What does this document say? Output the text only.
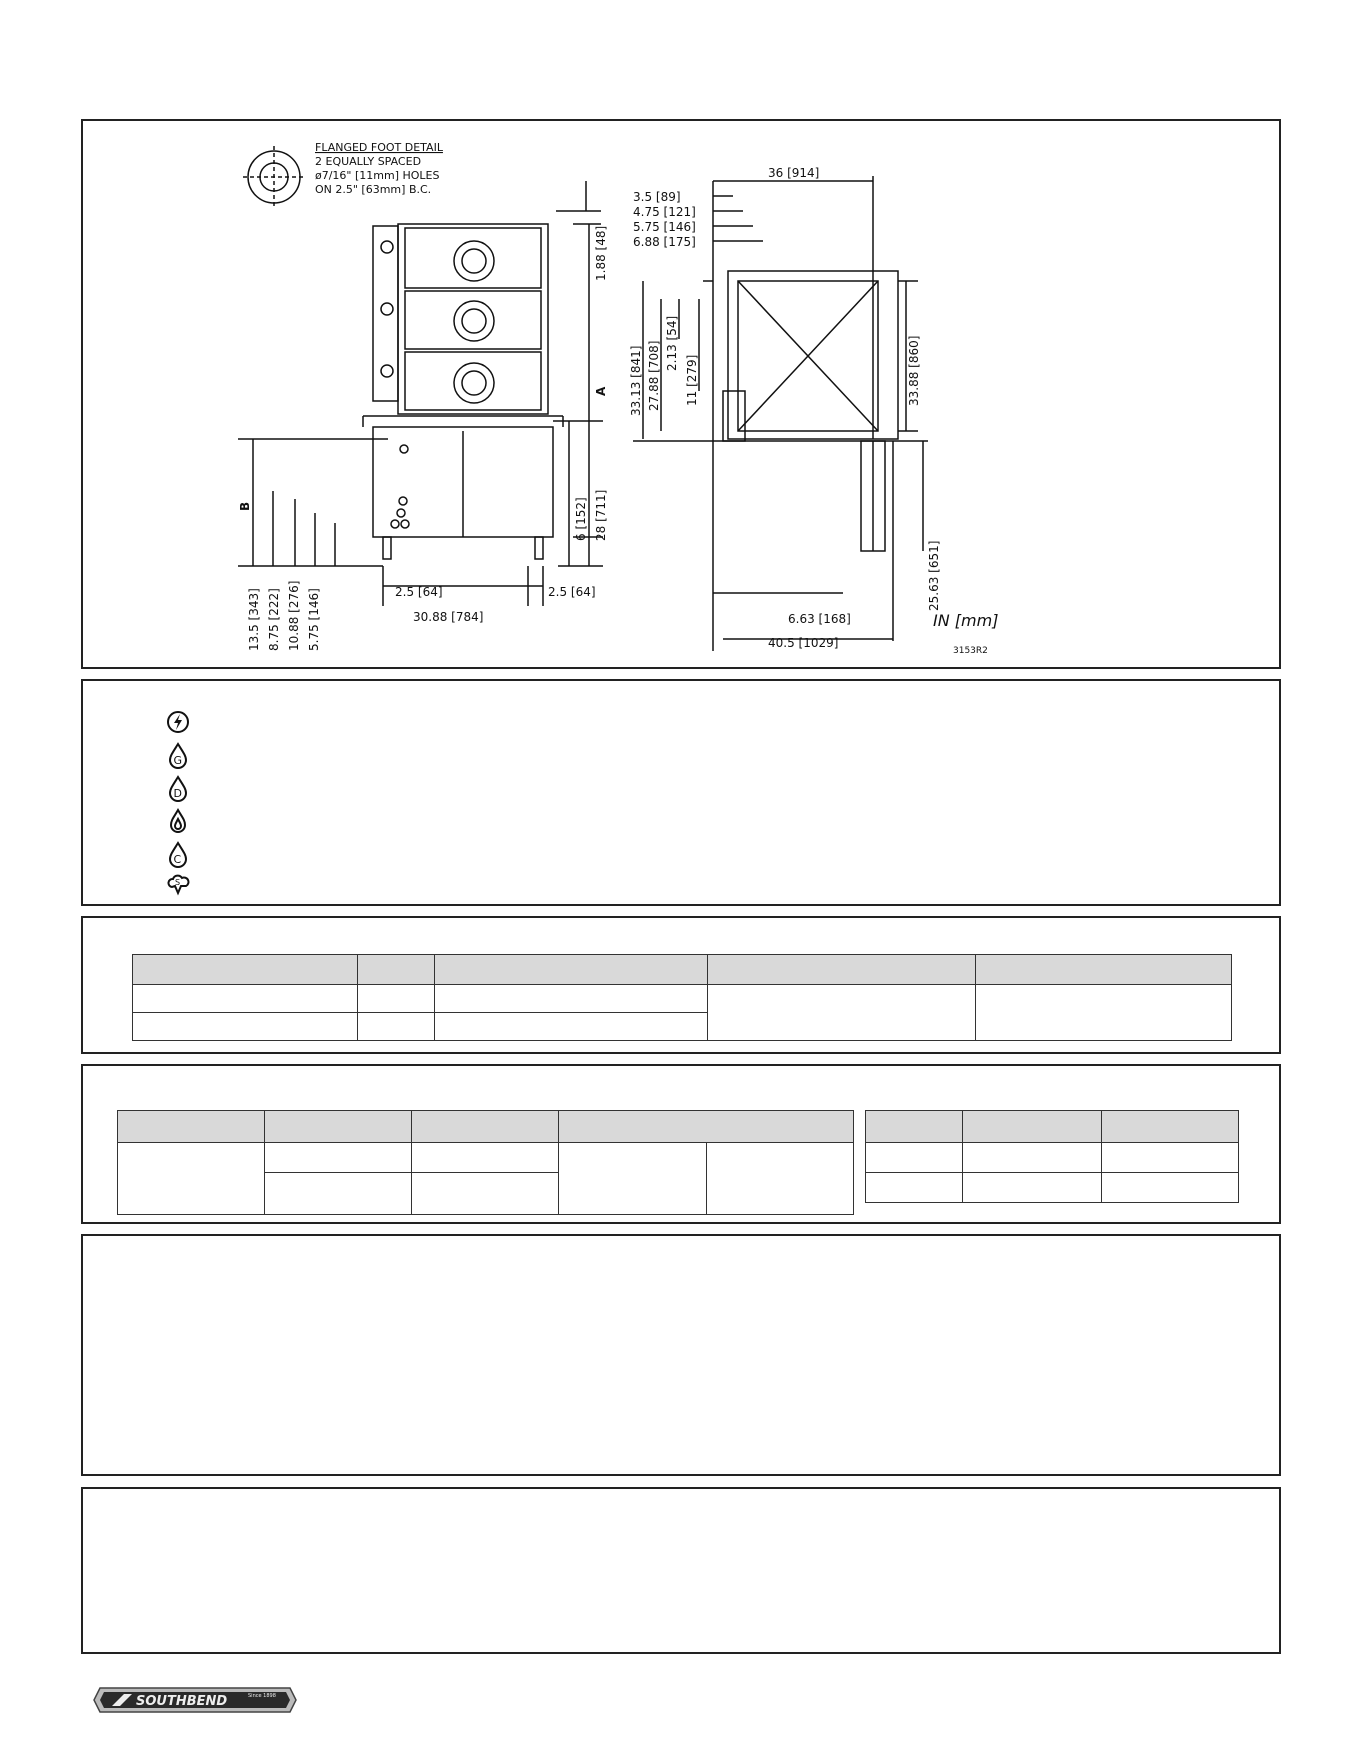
FLANGED FOOT DETAIL
2 EQUALLY SPACED
ø7/16" [11mm] HOLES
ON 2.5" [63mm] B.C.
1.88 [48]
A
B	6 [152] 28 [711]
2.5 [64]	2.5 [64]
30.88 [784]
13.5 [343] 8.75 [222] 10.88 [276] 5.75 [146]
36 [914]
3.5 [89]
4.75 [121]
5.75 [146]
6.88 [175]
33.13 [841] 27.88 [708] 2.13 [54]
11 [279]	33.88 [860]
25.63 [651]
6.63 [168]
40.5 [1029]
IN [mm]
3153R2
G
D
C
S

SOUTHBEND	Since 1898
